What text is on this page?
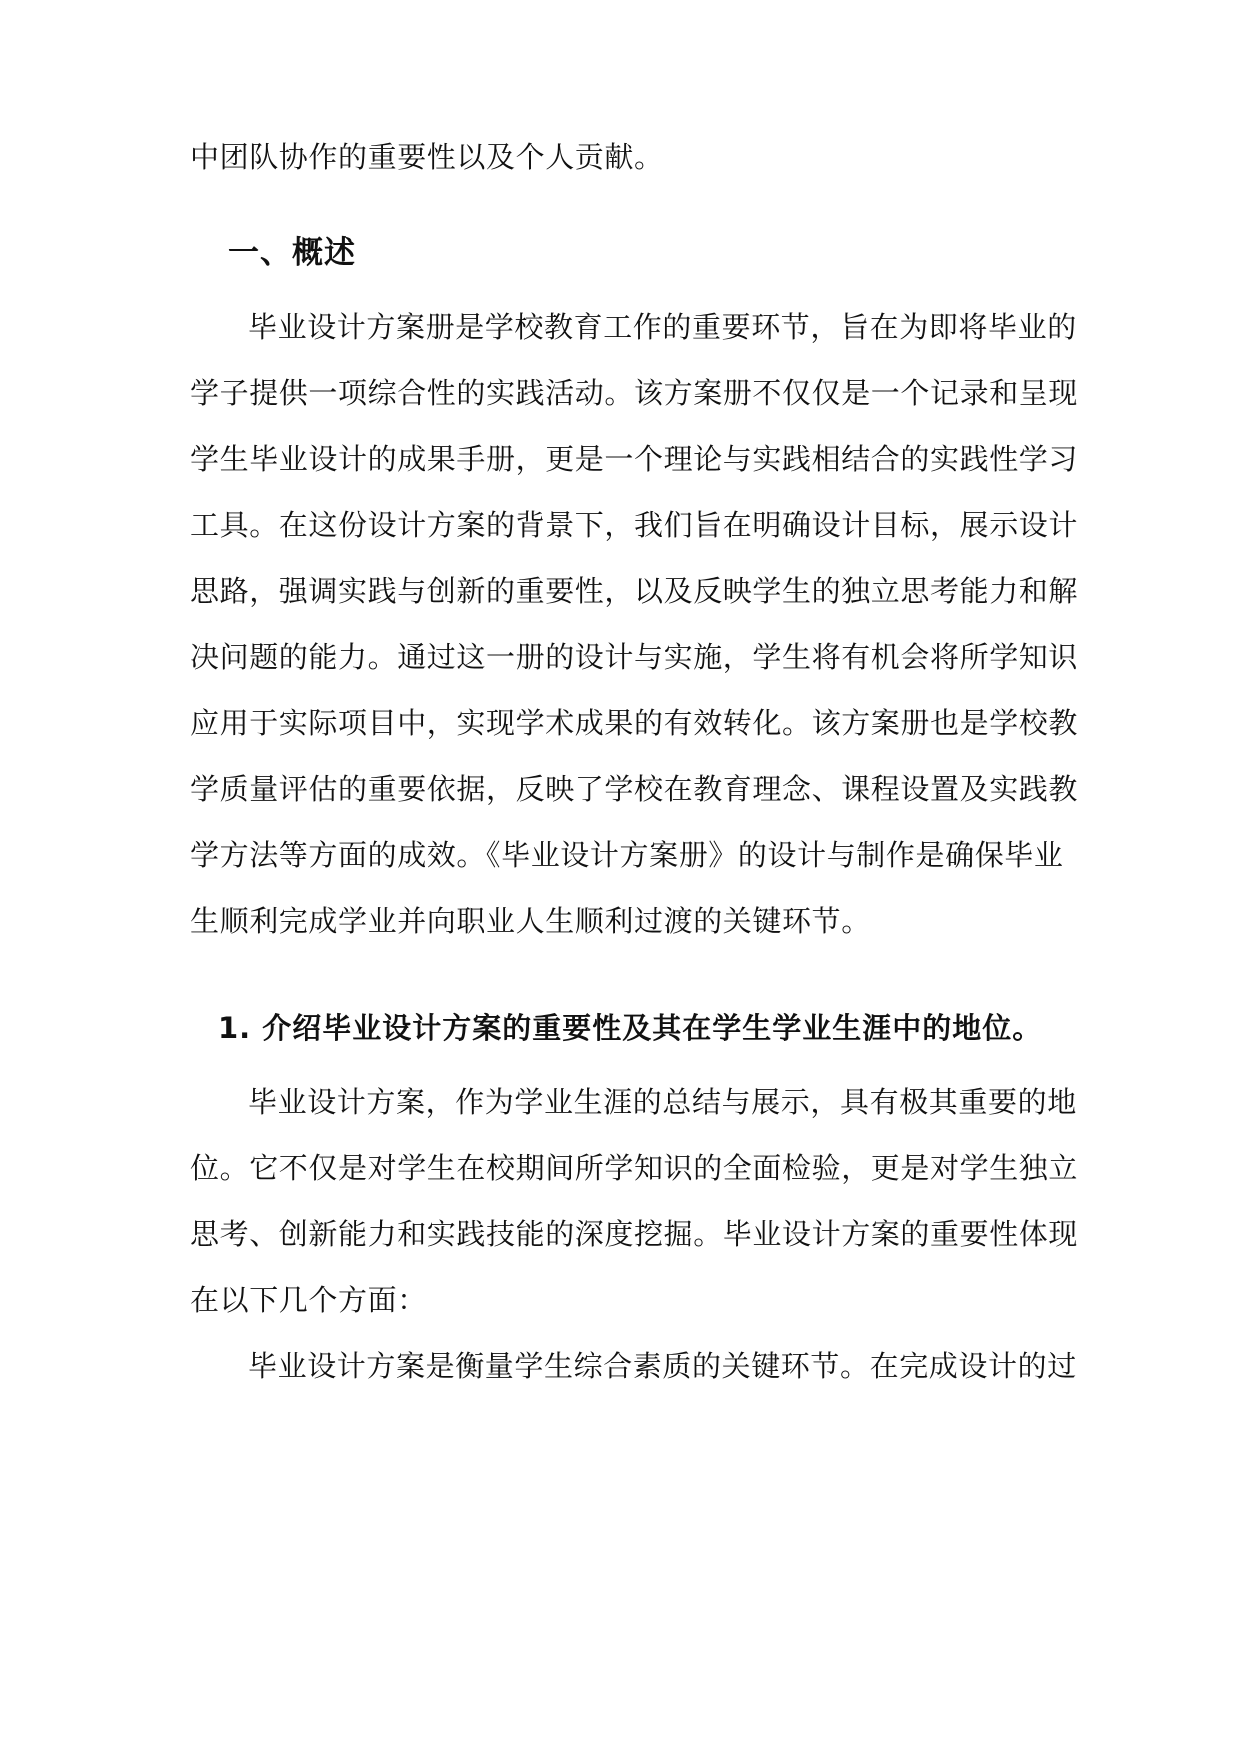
中团队协作的重要性以及个人贡献。
一、概述
毕业设计方案册是学校教育工作的重要环节，旨在为即将毕业的
学子提供一项综合性的实践活动。该方案册不仅仅是一个记录和呈现
学生毕业设计的成果手册，更是一个理论与实践相结合的实践性学习
工具。在这份设计方案的背景下，我们旨在明确设计目标，展示设计
思路，强调实践与创新的重要性，以及反映学生的独立思考能力和解
决问题的能力。通过这一册的设计与实施，学生将有机会将所学知识
应用于实际项目中，实现学术成果的有效转化。该方案册也是学校教
学质量评估的重要依据，反映了学校在教育理念、课程设置及实践教
学方法等方面的成效。《毕业设计方案册》的设计与制作是确保毕业
生顺利完成学业并向职业人生顺利过渡的关键环节。
1. 介绍毕业设计方案的重要性及其在学生学业生涯中的地位。
毕业设计方案，作为学业生涯的总结与展示，具有极其重要的地
位。它不仅是对学生在校期间所学知识的全面检验，更是对学生独立
思考、创新能力和实践技能的深度挖掘。毕业设计方案的重要性体现
在以下几个方面：
毕业设计方案是衡量学生综合素质的关键环节。在完成设计的过
